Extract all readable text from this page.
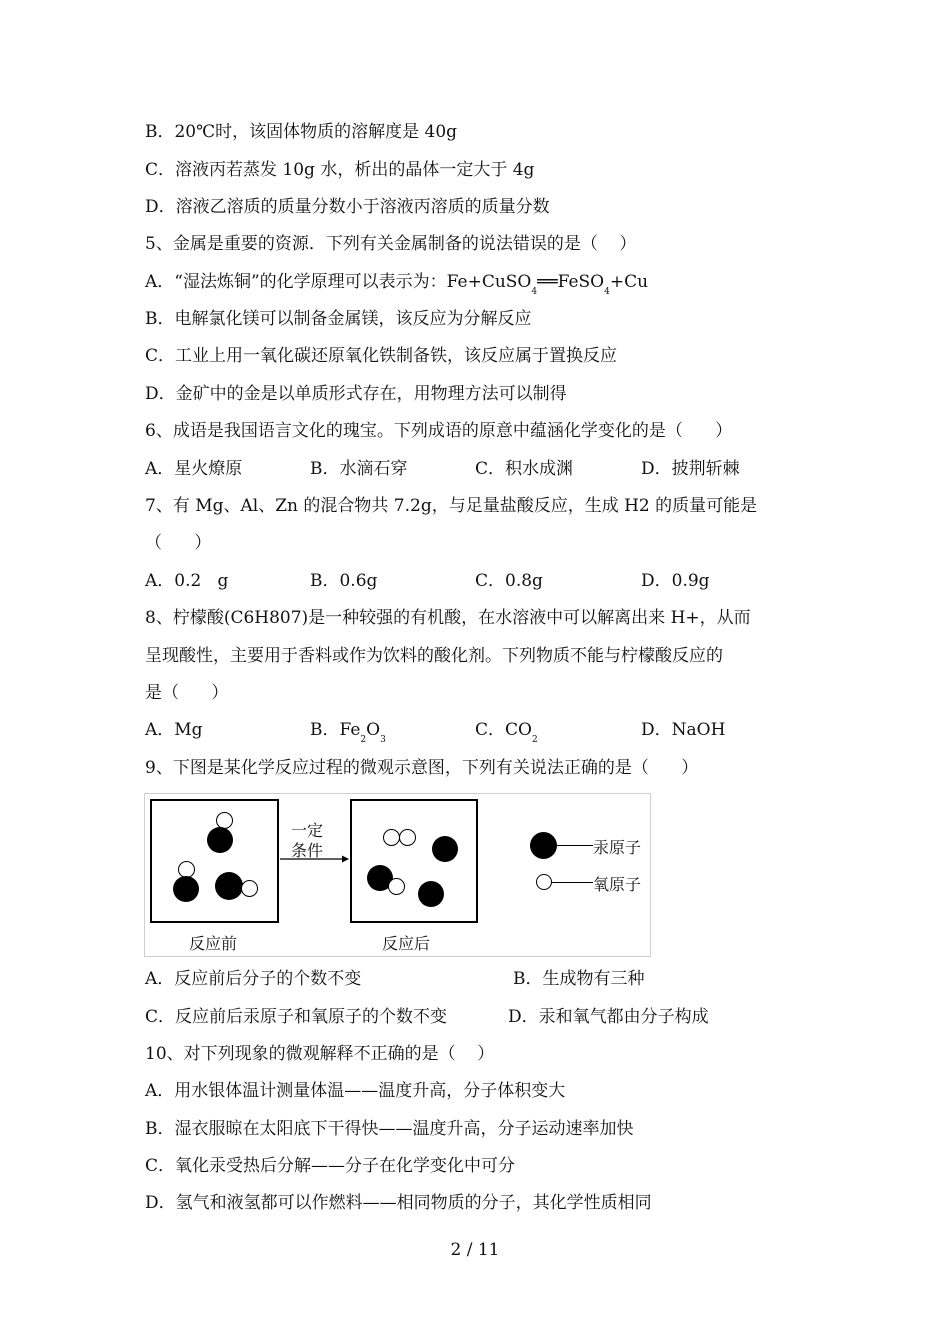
B．20℃时，该固体物质的溶解度是 40g
C．溶液丙若蒸发 10g 水，析出的晶体一定大于 4g
D．溶液乙溶质的质量分数小于溶液丙溶质的质量分数
5、金属是重要的资源．下列有关金属制备的说法错误的是（    ）
A．“湿法炼铜”的化学原理可以表示为：Fe+CuSO$_4$══FeSO$_4$+Cu
B．电解氯化镁可以制备金属镁，该反应为分解反应
C．工业上用一氧化碳还原氧化铁制备铁，该反应属于置换反应
D．金矿中的金是以单质形式存在，用物理方法可以制得
6、成语是我国语言文化的瑰宝。下列成语的原意中蕴涵化学变化的是（      ）
A．星火燎原	B．水滴石穿	C．积水成渊	D．披荆斩棘
7、有 Mg、Al、Zn 的混合物共 7.2g，与足量盐酸反应，生成 H2 的质量可能是
（      ）
A．0.2   g	B．0.6g	C．0.8g	D．0.9g
8、柠檬酸(C6H807)是一种较强的有机酸，在水溶液中可以解离出来 H+，从而
呈现酸性，主要用于香料或作为饮料的酸化剂。下列物质不能与柠檬酸反应的
是（      ）
A．Mg	B．$Fe_2O_3$	C．$CO_2$	D．NaOH
9、下图是某化学反应过程的微观示意图，下列有关说法正确的是（      ）
一定
条件
反应前	反应后
汞原子
氧原子
A．反应前后分子的个数不变	B．生成物有三种
C．反应前后汞原子和氧原子的个数不变	D．汞和氧气都由分子构成
10、对下列现象的微观解释不正确的是（    ）
A．用水银体温计测量体温——温度升高，分子体积变大
B．湿衣服晾在太阳底下干得快——温度升高，分子运动速率加快
C．氧化汞受热后分解——分子在化学变化中可分
D．氢气和液氢都可以作燃料——相同物质的分子，其化学性质相同
2 / 11
